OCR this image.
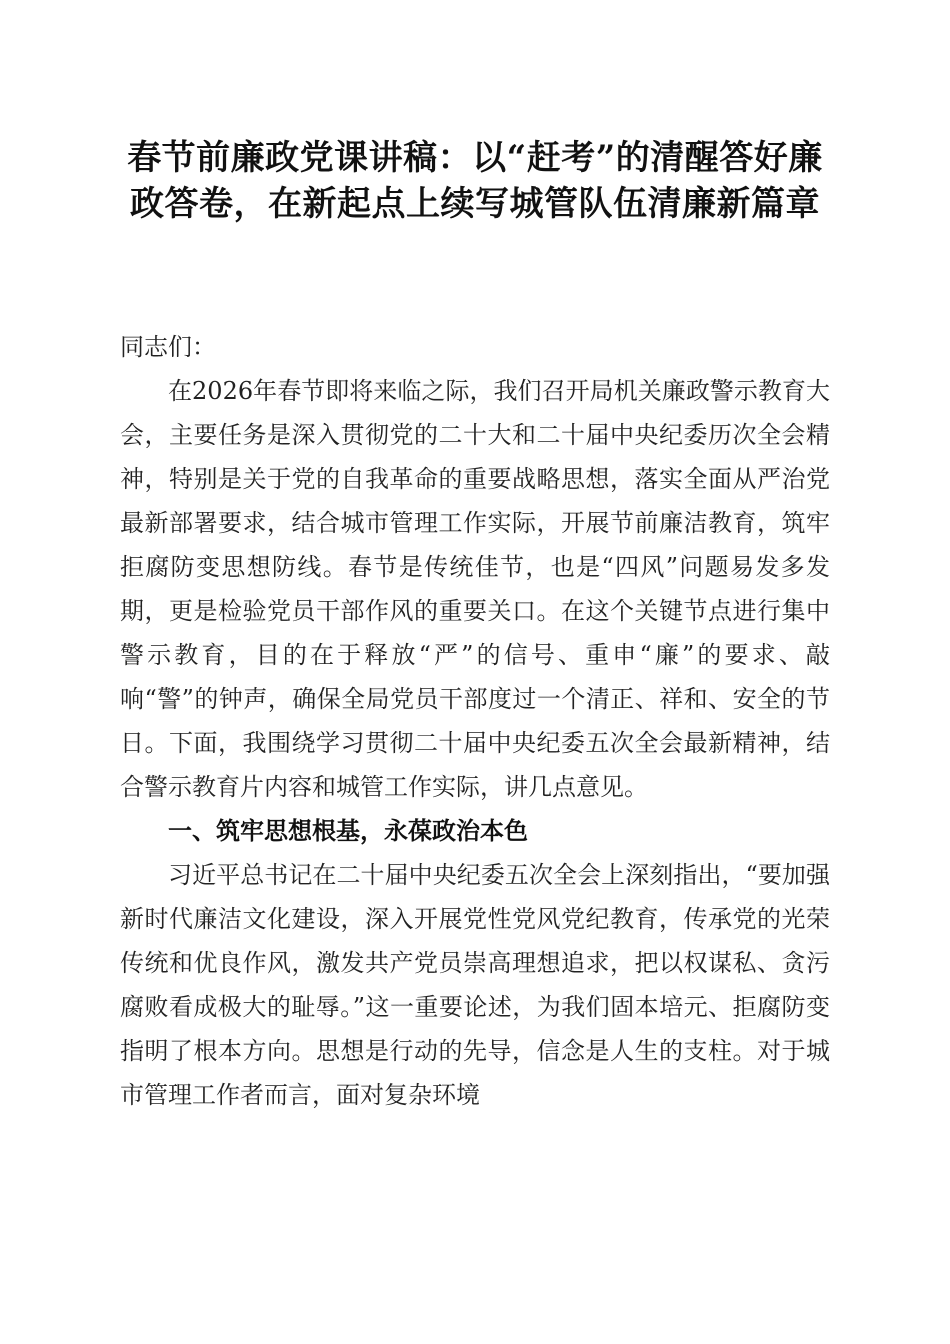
春节前廉政党课讲稿：以“赶考”的清醒答好廉政答卷，在新起点上续写城管队伍清廉新篇章

同志们：

在2026年春节即将来临之际，我们召开局机关廉政警示教育大会，主要任务是深入贯彻党的二十大和二十届中央纪委历次全会精神，特别是关于党的自我革命的重要战略思想，落实全面从严治党最新部署要求，结合城市管理工作实际，开展节前廉洁教育，筑牢拒腐防变思想防线。春节是传统佳节，也是“四风”问题易发多发期，更是检验党员干部作风的重要关口。在这个关键节点进行集中警示教育，目的在于释放“严”的信号、重申“廉”的要求、敲响“警”的钟声，确保全局党员干部度过一个清正、祥和、安全的节日。下面，我围绕学习贯彻二十届中央纪委五次全会最新精神，结合警示教育片内容和城管工作实际，讲几点意见。

一、筑牢思想根基，永葆政治本色

习近平总书记在二十届中央纪委五次全会上深刻指出，“要加强新时代廉洁文化建设，深入开展党性党风党纪教育，传承党的光荣传统和优良作风，激发共产党员崇高理想追求，把以权谋私、贪污腐败看成极大的耻辱。”这一重要论述，为我们固本培元、拒腐防变指明了根本方向。思想是行动的先导，信念是人生的支柱。对于城市管理工作者而言，面对复杂环境
